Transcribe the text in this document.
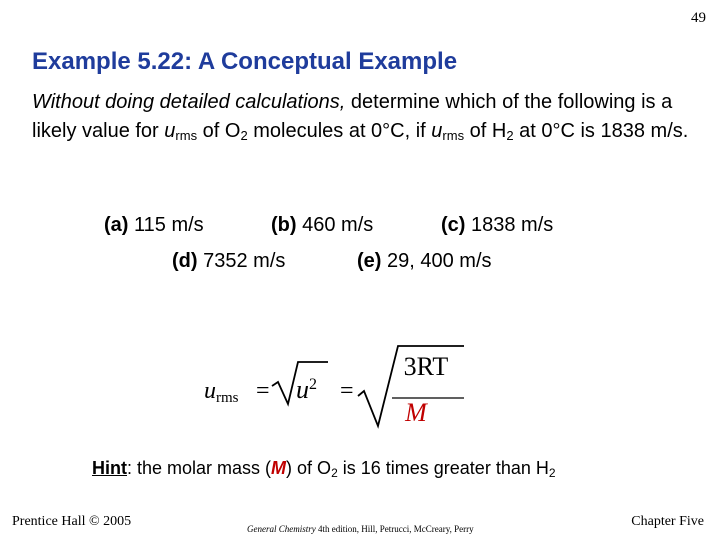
49
Example 5.22: A Conceptual Example
Without doing detailed calculations, determine which of the following is a likely value for $u_{rms}$ of $O_2$ molecules at 0°C, if $u_{rms}$ of $H_2$ at 0°C is 1838 m/s.
(a) 115 m/s	(b) 460 m/s	(c) 1838 m/s
(d) 7352 m/s	(e) 29, 400 m/s
$u_{rms} = u^2$ =
3RT
M
Hint: the molar mass (M) of $O_2$ is 16 times greater than $H_2$
Prentice Hall © 2005	General Chemistry 4th edition, Hill, Petrucci, McCreary, Perry	Chapter Five
